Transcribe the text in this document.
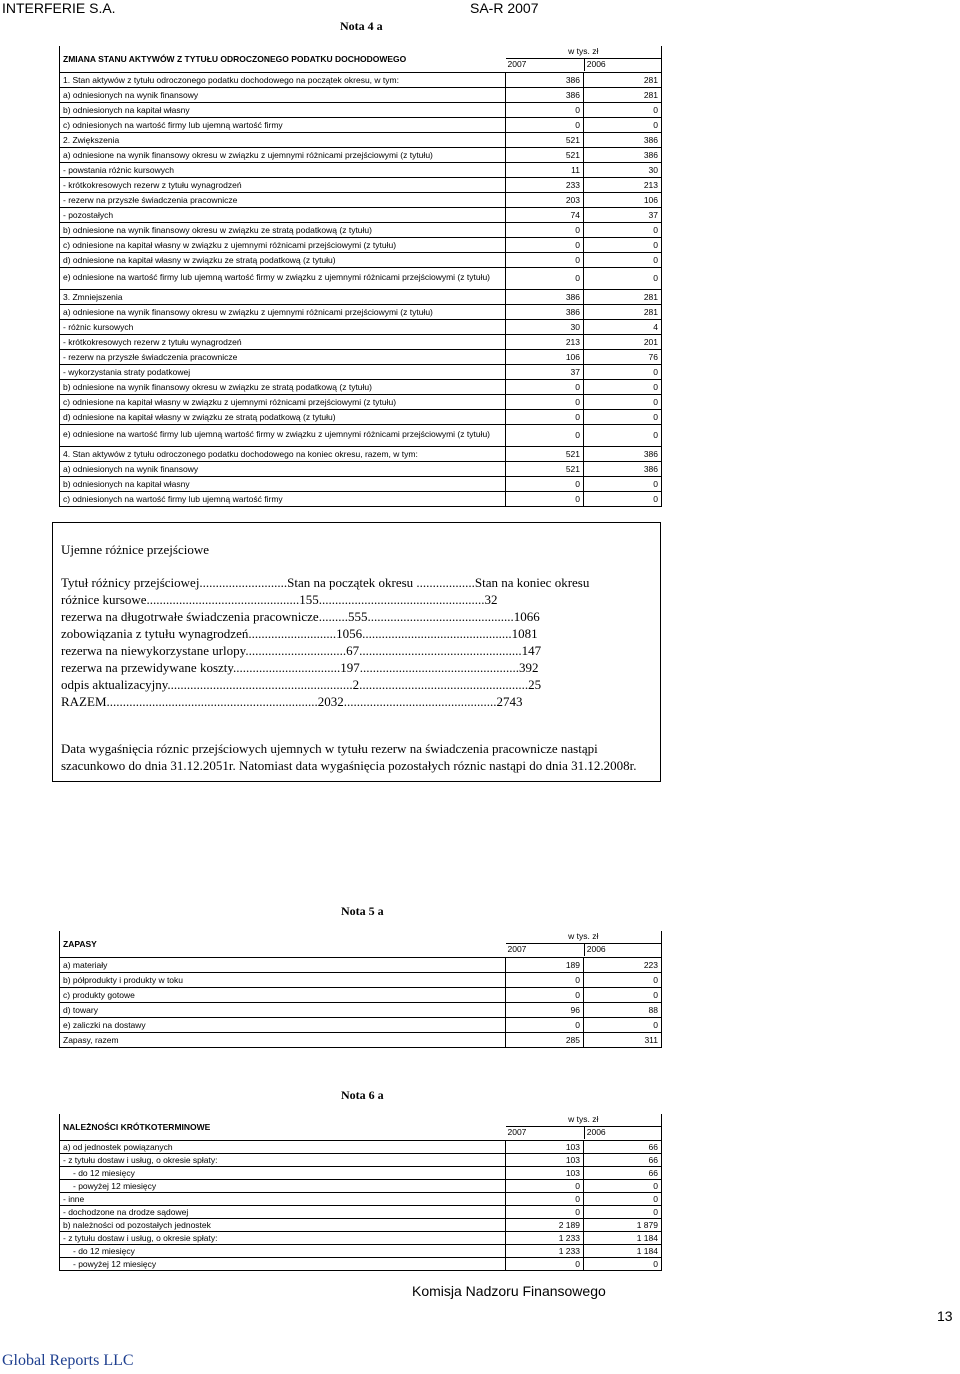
INTERFERIE S.A.	SA-R 2007
Nota 4 a
ZMIANA STANU AKTYWÓW Z TYTUŁU ODROCZONEGO PODATKU DOCHODOWEGO	w tys. zł
2007 2006	

1. Stan aktywów z tytułu odroczonego podatku dochodowego na początek okresu, w tym:	386	281
a) odniesionych na wynik finansowy	386	281
b) odniesionych na kapitał własny	0	0
c) odniesionych na wartość firmy lub ujemną wartość firmy	0	0
2. Zwiększenia	521	386
a) odniesione na wynik finansowy okresu w związku z ujemnymi różnicami przejściowymi (z tytułu)	521	386
- powstania różnic kursowych	11	30
- krótkokresowych rezerw z tytułu wynagrodzeń	233	213
- rezerw na przyszłe świadczenia pracownicze	203	106
- pozostałych	74	37
b) odniesione na wynik finansowy okresu w związku ze stratą podatkową (z tytułu)	0	0
c) odniesione na kapitał własny w związku z ujemnymi różnicami przejściowymi (z tytułu)	0	0
d) odniesione na kapitał własny w związku ze stratą podatkową (z tytułu)	0	0
e) odniesione na wartość firmy lub ujemną wartość firmy w związku z ujemnymi różnicami przejściowymi (z tytułu)	0	0
3. Zmniejszenia	386	281
a) odniesione na wynik finansowy okresu w związku z ujemnymi różnicami przejściowymi (z tytułu)	386	281
- różnic kursowych	30	4
- krótkokresowych rezerw z tytułu wynagrodzeń	213	201
- rezerw na przyszłe świadczenia pracownicze	106	76
- wykorzystania straty podatkowej	37	0
b) odniesione na wynik finansowy okresu w związku ze stratą podatkową (z tytułu)	0	0
c) odniesione na kapitał własny w związku z ujemnymi różnicami przejściowymi (z tytułu)	0	0
d) odniesione na kapitał własny w związku ze stratą podatkową (z tytułu)	0	0
e) odniesione na wartość firmy lub ujemną wartość firmy w związku z ujemnymi różnicami przejściowymi (z tytułu)	0	0
4. Stan aktywów z tytułu odroczonego podatku dochodowego na koniec okresu, razem, w tym:	521	386
a) odniesionych na wynik finansowy	521	386
b) odniesionych na kapitał własny	0	0
c) odniesionych na wartość firmy lub ujemną wartość firmy	0	0
Ujemne różnice przejściowe
Tytuł różnicy przejściowej...........................Stan na początek okresu ..................Stan na koniec okresu
różnice kursowe...............................................155...................................................32
rezerwa na długotrwałe świadczenia pracownicze.........555.............................................1066
zobowiązania z tytułu wynagrodzeń...........................1056..............................................1081
rezerwa na niewykorzystane urlopy...............................67..................................................147
rezerwa na przewidywane koszty.................................197.................................................392
odpis aktualizacyjny.........................................................2....................................................25
RAZEM.................................................................2032...............................................2743
Data wygaśnięcia róznic przejściowych ujemnych w tytułu rezerw na świadczenia pracownicze nastąpi szacunkowo do dnia 31.12.2051r. Natomiast data wygaśnięcia pozostałych róznic nastąpi do dnia 31.12.2008r.
Nota 5 a
ZAPASY	w tys. zł
2007 2006	

a) materiały	189	223
b) półprodukty i produkty w toku	0	0
c) produkty gotowe	0	0
d) towary	96	88
e) zaliczki na dostawy	0	0
Zapasy, razem	285	311
Nota 6 a
NALEŻNOŚCI KRÓTKOTERMINOWE	w tys. zł
2007 2006	

a) od jednostek powiązanych	103	66
- z tytułu dostaw i usług, o okresie spłaty:	103	66
- do 12 miesięcy	103	66
- powyżej 12 miesięcy	0	0
- inne	0	0
- dochodzone na drodze sądowej	0	0
b) należności od pozostałych jednostek	2 189	1 879
- z tytułu dostaw i usług, o okresie spłaty:	1 233	1 184
- do 12 miesięcy	1 233	1 184
- powyżej 12 miesięcy	0	0
Komisja Nadzoru Finansowego
13
Global Reports LLC
